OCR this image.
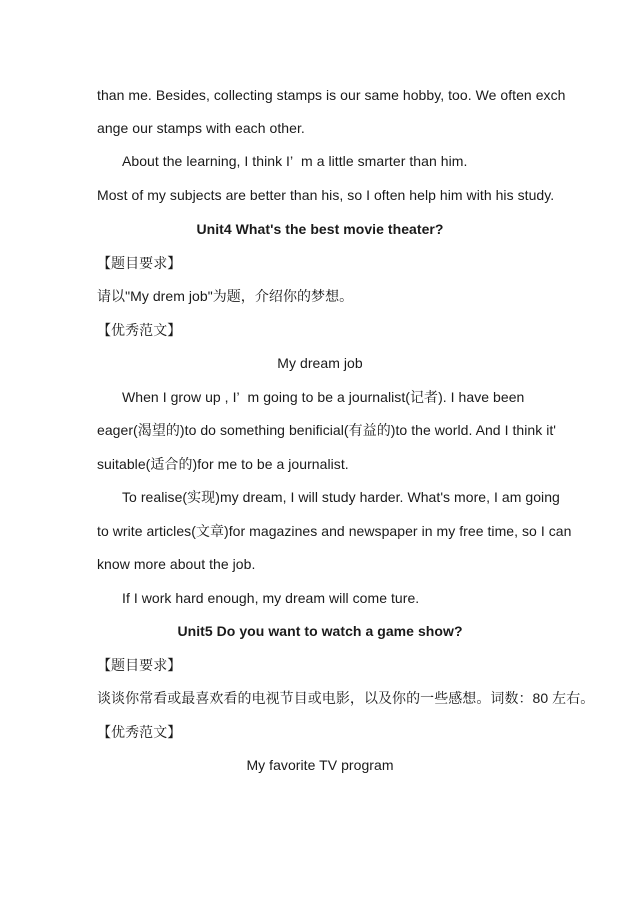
than me. Besides, collecting stamps is our same hobby, too. We often exch
ange our stamps with each other.
About the learning, I think I’  m a little smarter than him.
Most of my subjects are better than his, so I often help him with his study.
Unit4 What's the best movie theater?
【题目要求】
请以"My drem job"为题，介绍你的梦想。
【优秀范文】
My dream job
When I grow up , I’  m going to be a journalist(记者). I have been
eager(渴望的)to do something benificial(有益的)to the world. And I think it'
suitable(适合的)for me to be a journalist.
To realise(实现)my dream, I will study harder. What's more, I am going
to write articles(文章)for magazines and newspaper in my free time, so I can
know more about the job.
If I work hard enough, my dream will come ture.
Unit5 Do you want to watch a game show?
【题目要求】
谈谈你常看或最喜欢看的电视节目或电影，以及你的一些感想。词数：80 左右。
【优秀范文】
My favorite TV program
